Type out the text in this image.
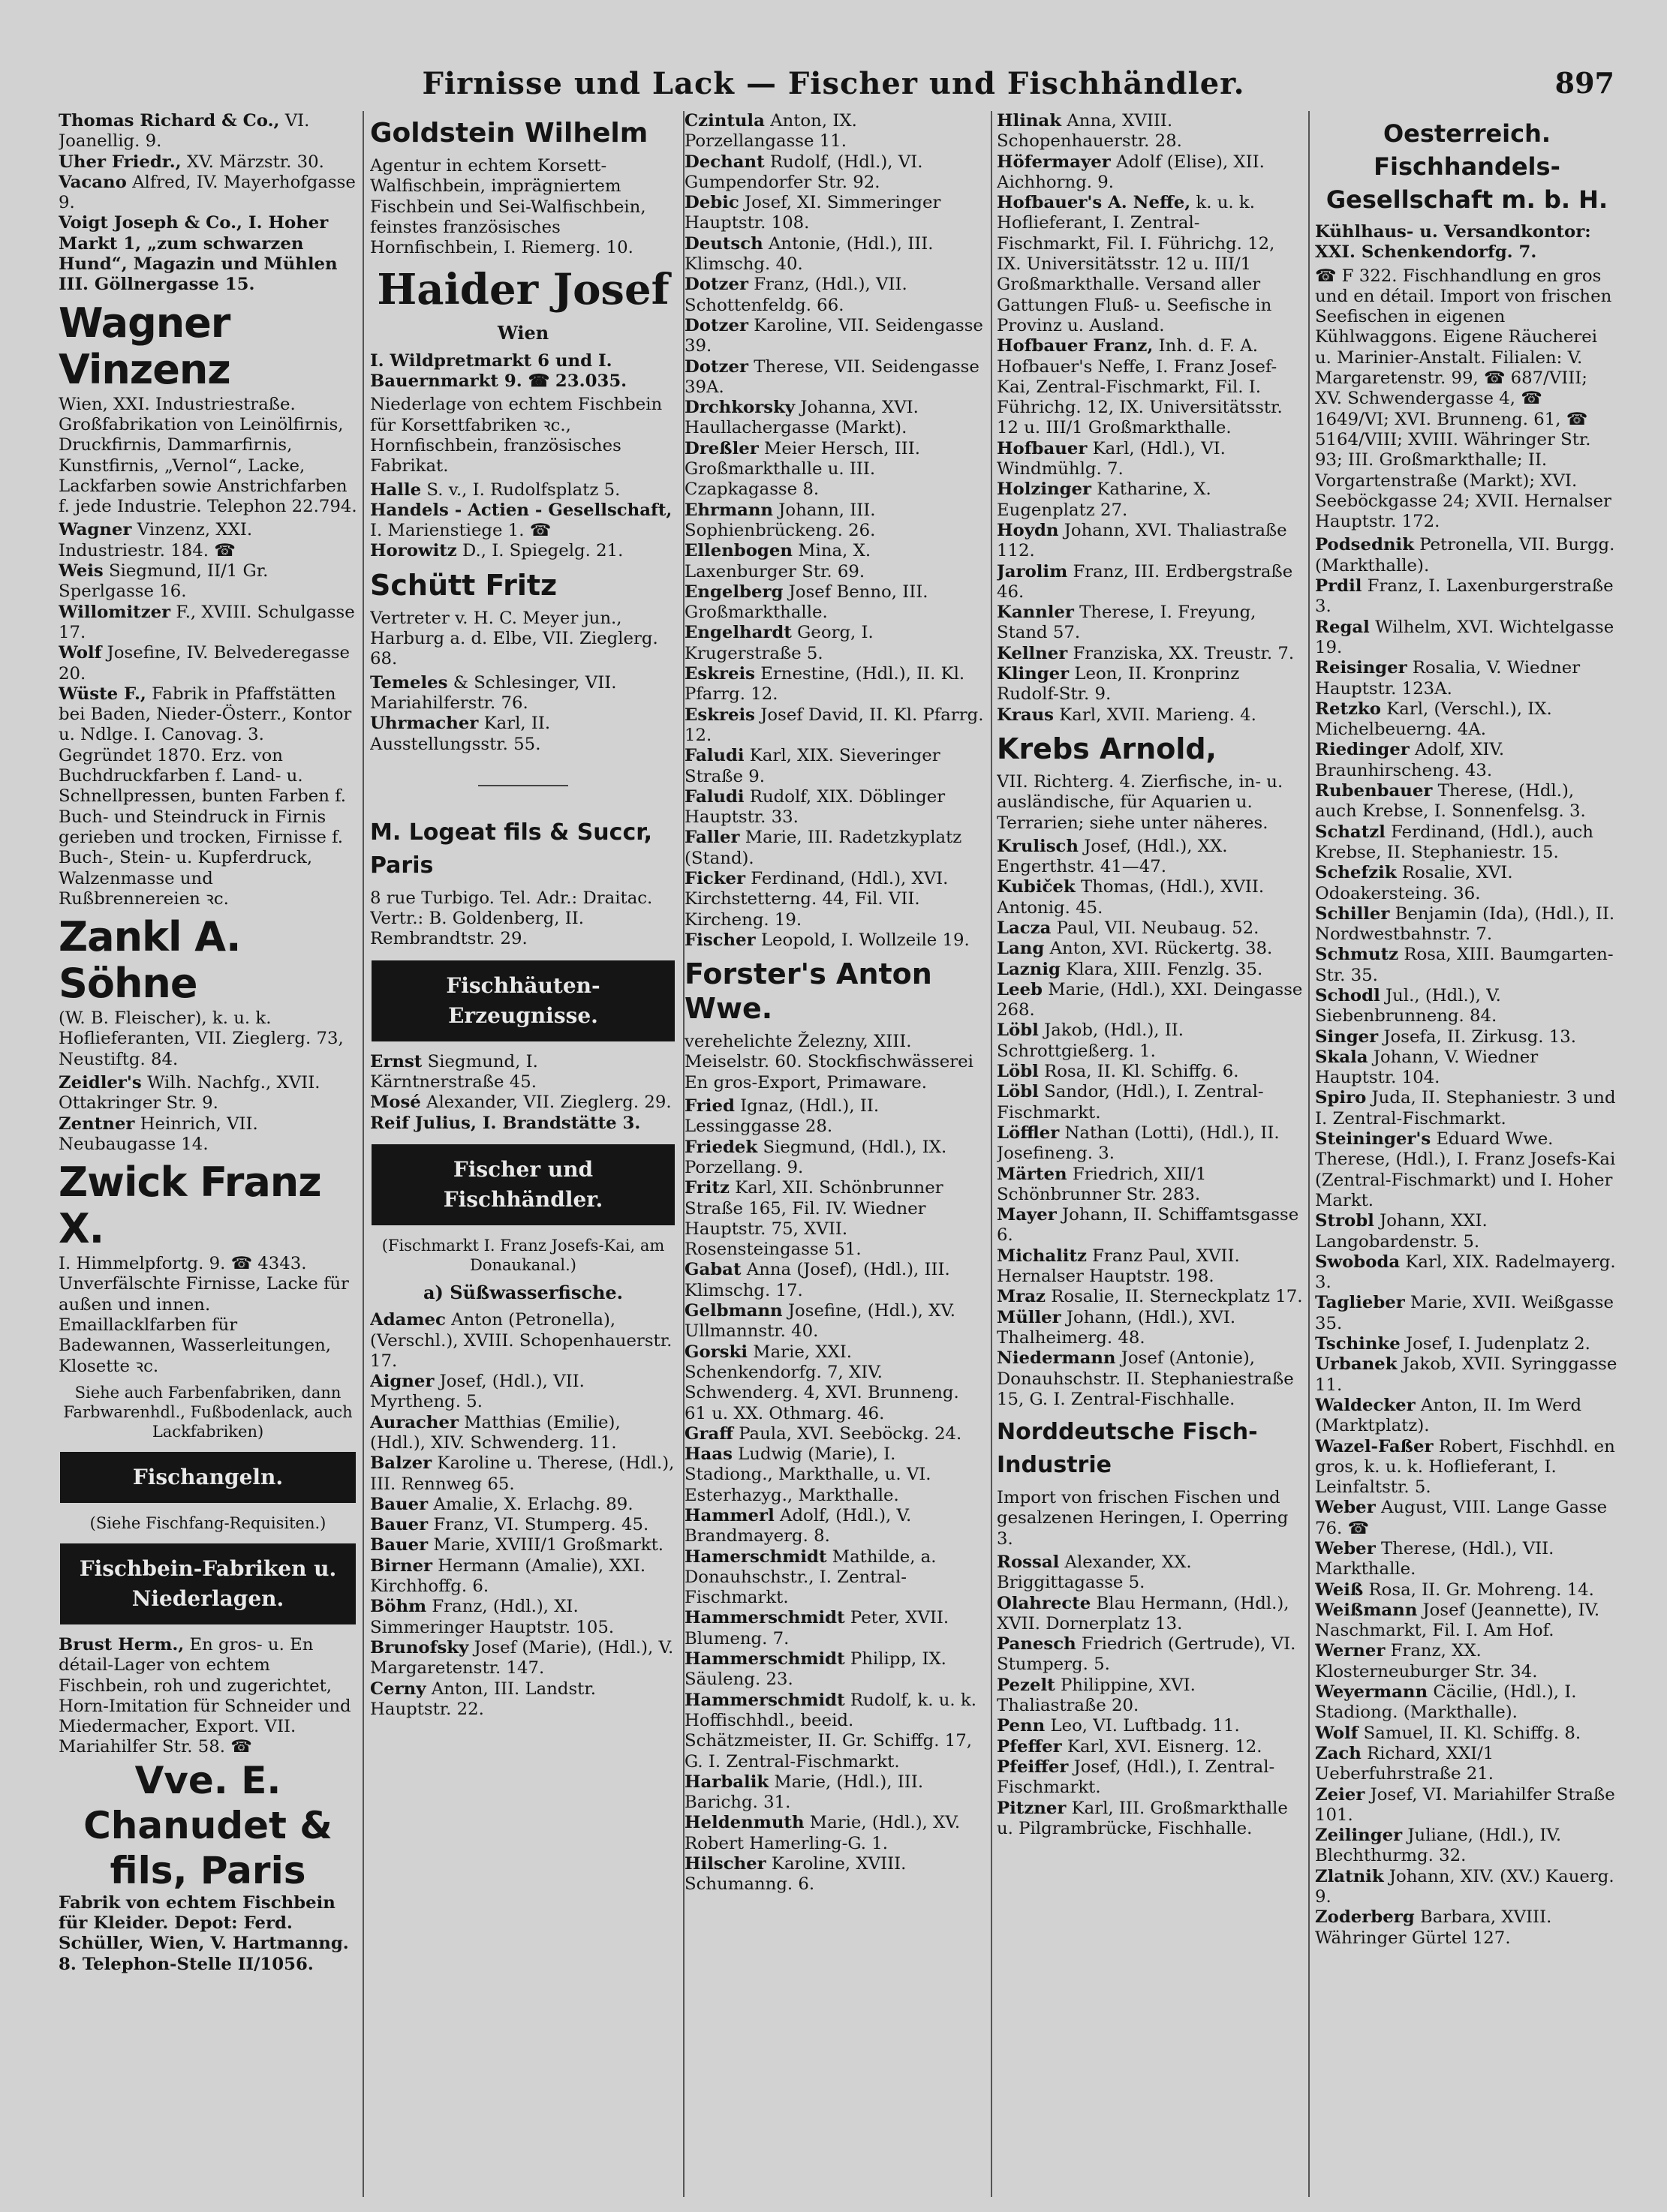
Firnisse und Lack — Fischer und Fischhändler.	897

Thomas Richard & Co., VI. Joanellig. 9.

Uher Friedr., XV. Märzstr. 30.

Vacano Alfred, IV. Mayerhofgasse 9.

Voigt Joseph & Co., I. Hoher Markt 1, „zum schwarzen Hund“, Magazin und Mühlen III. Göllnergasse 15.

Wagner Vinzenz
Wien, XXI. Industriestraße. Großfabrikation von Leinölfirnis, Druckfirnis, Dammarfirnis, Kunstfirnis, „Vernol“, Lacke, Lackfarben sowie Anstrichfarben f. jede Industrie. Telephon 22.794.

Wagner Vinzenz, XXI. Industriestr. 184. ☎

Weis Siegmund, II/1 Gr. Sperlgasse 16.

Willomitzer F., XVIII. Schulgasse 17.

Wolf Josefine, IV. Belvederegasse 20.

Wüste F., Fabrik in Pfaffstätten bei Baden, Nieder-Österr., Kontor u. Ndlge. I. Canovag. 3. Gegründet 1870. Erz. von Buchdruckfarben f. Land- u. Schnellpressen, bunten Farben f. Buch- und Steindruck in Firnis gerieben und trocken, Firnisse f. Buch-, Stein- u. Kupferdruck, Walzenmasse und Rußbrennereien ꝛc.

Zankl A. Söhne
(W. B. Fleischer), k. u. k. Hoflieferanten, VII. Zieglerg. 73, Neustiftg. 84.

Zeidler's Wilh. Nachfg., XVII. Ottakringer Str. 9.

Zentner Heinrich, VII. Neubaugasse 14.

Zwick Franz X.
I. Himmelpfortg. 9. ☎ 4343. Unverfälschte Firnisse, Lacke für außen und innen. Emaillacklfarben für Badewannen, Wasserleitungen, Klosette ꝛc.
Siehe auch Farbenfabriken, dann Farbwarenhdl., Fußbodenlack, auch Lackfabriken)
Fischangeln.
(Siehe Fischfang-Requisiten.)
Fischbein-Fabriken u. Niederlagen.

Brust Herm., En gros- u. En détail-Lager von echtem Fischbein, roh und zugerichtet, Horn-Imitation für Schneider und Miedermacher, Export. VII. Mariahilfer Str. 58. ☎

Vve. E. Chanudet & fils, Paris
Fabrik von echtem Fischbein für Kleider. Depot: Ferd. Schüller, Wien, V. Hartmanng. 8. Telephon-Stelle II/1056.
Goldstein Wilhelm
Agentur in echtem Korsett-Walfischbein, imprägniertem Fischbein und Sei-Walfischbein, feinstes französisches Hornfischbein, I. Riemerg. 10.
Haider Josef
Wien
I. Wildpretmarkt 6 und I. Bauernmarkt 9. ☎ 23.035.
Niederlage von echtem Fischbein für Korsettfabriken ꝛc., Hornfischbein, französisches Fabrikat.

Halle S. v., I. Rudolfsplatz 5.

Handels - Actien - Gesellschaft, I. Marienstiege 1. ☎

Horowitz D., I. Spiegelg. 21.

Schütt Fritz
Vertreter v. H. C. Meyer jun., Harburg a. d. Elbe, VII. Zieglerg. 68.

Temeles & Schlesinger, VII. Mariahilferstr. 76.

Uhrmacher Karl, II. Ausstellungsstr. 55.

M. Logeat fils & Succr, Paris
8 rue Turbigo. Tel. Adr.: Draitac. Vertr.: B. Goldenberg, II. Rembrandtstr. 29.
Fischhäuten-Erzeugnisse.

Ernst Siegmund, I. Kärntnerstraße 45.

Mosé Alexander, VII. Zieglerg. 29.

Reif Julius, I. Brandstätte 3.

Fischer und Fischhändler.
(Fischmarkt I. Franz Josefs-Kai, am Donaukanal.)
a) Süßwasserfische.

Adamec Anton (Petronella), (Verschl.), XVIII. Schopenhauerstr. 17.

Aigner Josef, (Hdl.), VII. Myrtheng. 5.

Auracher Matthias (Emilie), (Hdl.), XIV. Schwenderg. 11.

Balzer Karoline u. Therese, (Hdl.), III. Rennweg 65.

Bauer Amalie, X. Erlachg. 89.

Bauer Franz, VI. Stumperg. 45.

Bauer Marie, XVIII/1 Großmarkt.

Birner Hermann (Amalie), XXI. Kirchhoffg. 6.

Böhm Franz, (Hdl.), XI. Simmeringer Hauptstr. 105.

Brunofsky Josef (Marie), (Hdl.), V. Margaretenstr. 147.

Cerny Anton, III. Landstr. Hauptstr. 22.

Czintula Anton, IX. Porzellangasse 11.

Dechant Rudolf, (Hdl.), VI. Gumpendorfer Str. 92.

Debic Josef, XI. Simmeringer Hauptstr. 108.

Deutsch Antonie, (Hdl.), III. Klimschg. 40.

Dotzer Franz, (Hdl.), VII. Schottenfeldg. 66.

Dotzer Karoline, VII. Seidengasse 39.

Dotzer Therese, VII. Seidengasse 39A.

Drchkorsky Johanna, XVI. Haullachergasse (Markt).

Dreßler Meier Hersch, III. Großmarkthalle u. III. Czapkagasse 8.

Ehrmann Johann, III. Sophienbrückeng. 26.

Ellenbogen Mina, X. Laxenburger Str. 69.

Engelberg Josef Benno, III. Großmarkthalle.

Engelhardt Georg, I. Krugerstraße 5.

Eskreis Ernestine, (Hdl.), II. Kl. Pfarrg. 12.

Eskreis Josef David, II. Kl. Pfarrg. 12.

Faludi Karl, XIX. Sieveringer Straße 9.

Faludi Rudolf, XIX. Döblinger Hauptstr. 33.

Faller Marie, III. Radetzkyplatz (Stand).

Ficker Ferdinand, (Hdl.), XVI. Kirchstetterng. 44, Fil. VII. Kircheng. 19.

Fischer Leopold, I. Wollzeile 19.

Forster's Anton Wwe.
verehelichte Železny, XIII. Meiselstr. 60. Stockfischwässerei En gros-Export, Primaware.

Fried Ignaz, (Hdl.), II. Lessinggasse 28.

Friedek Siegmund, (Hdl.), IX. Porzellang. 9.

Fritz Karl, XII. Schönbrunner Straße 165, Fil. IV. Wiedner Hauptstr. 75, XVII. Rosensteingasse 51.

Gabat Anna (Josef), (Hdl.), III. Klimschg. 17.

Gelbmann Josefine, (Hdl.), XV. Ullmannstr. 40.

Gorski Marie, XXI. Schenkendorfg. 7, XIV. Schwenderg. 4, XVI. Brunneng. 61 u. XX. Othmarg. 46.

Graff Paula, XVI. Seeböckg. 24.

Haas Ludwig (Marie), I. Stadiong., Markthalle, u. VI. Esterhazyg., Markthalle.

Hammerl Adolf, (Hdl.), V. Brandmayerg. 8.

Hamerschmidt Mathilde, a. Donauhschstr., I. Zentral-Fischmarkt.

Hammerschmidt Peter, XVII. Blumeng. 7.

Hammerschmidt Philipp, IX. Säuleng. 23.

Hammerschmidt Rudolf, k. u. k. Hoffischhdl., beeid. Schätzmeister, II. Gr. Schiffg. 17, G. I. Zentral-Fischmarkt.

Harbalik Marie, (Hdl.), III. Barichg. 31.

Heldenmuth Marie, (Hdl.), XV. Robert Hamerling-G. 1.

Hilscher Karoline, XVIII. Schumanng. 6.

Hlinak Anna, XVIII. Schopenhauerstr. 28.

Höfermayer Adolf (Elise), XII. Aichhorng. 9.

Hofbauer's A. Neffe, k. u. k. Hoflieferant, I. Zentral-Fischmarkt, Fil. I. Führichg. 12, IX. Universitätsstr. 12 u. III/1 Großmarkthalle. Versand aller Gattungen Fluß- u. Seefische in Provinz u. Ausland.

Hofbauer Franz, Inh. d. F. A. Hofbauer's Neffe, I. Franz Josef-Kai, Zentral-Fischmarkt, Fil. I. Führichg. 12, IX. Universitätsstr. 12 u. III/1 Großmarkthalle.

Hofbauer Karl, (Hdl.), VI. Windmühlg. 7.

Holzinger Katharine, X. Eugenplatz 27.

Hoydn Johann, XVI. Thaliastraße 112.

Jarolim Franz, III. Erdbergstraße 46.

Kannler Therese, I. Freyung, Stand 57.

Kellner Franziska, XX. Treustr. 7.

Klinger Leon, II. Kronprinz Rudolf-Str. 9.

Kraus Karl, XVII. Marieng. 4.

Krebs Arnold,
VII. Richterg. 4. Zierfische, in- u. ausländische, für Aquarien u. Terrarien; siehe unter näheres.

Krulisch Josef, (Hdl.), XX. Engerthstr. 41—47.

Kubiček Thomas, (Hdl.), XVII. Antonig. 45.

Lacza Paul, VII. Neubaug. 52.

Lang Anton, XVI. Rückertg. 38.

Laznig Klara, XIII. Fenzlg. 35.

Leeb Marie, (Hdl.), XXI. Deingasse 268.

Löbl Jakob, (Hdl.), II. Schrottgießerg. 1.

Löbl Rosa, II. Kl. Schiffg. 6.

Löbl Sandor, (Hdl.), I. Zentral-Fischmarkt.

Löffler Nathan (Lotti), (Hdl.), II. Josefineng. 3.

Märten Friedrich, XII/1 Schönbrunner Str. 283.

Mayer Johann, II. Schiffamtsgasse 6.

Michalitz Franz Paul, XVII. Hernalser Hauptstr. 198.

Mraz Rosalie, II. Sterneckplatz 17.

Müller Johann, (Hdl.), XVI. Thalheimerg. 48.

Niedermann Josef (Antonie), Donauhschstr. II. Stephaniestraße 15, G. I. Zentral-Fischhalle.

Norddeutsche Fisch-Industrie
Import von frischen Fischen und gesalzenen Heringen, I. Operring 3.

Rossal Alexander, XX. Briggittagasse 5.

Olahrecte Blau Hermann, (Hdl.), XVII. Dornerplatz 13.

Panesch Friedrich (Gertrude), VI. Stumperg. 5.

Pezelt Philippine, XVI. Thaliastraße 20.

Penn Leo, VI. Luftbadg. 11.

Pfeffer Karl, XVI. Eisnerg. 12.

Pfeiffer Josef, (Hdl.), I. Zentral-Fischmarkt.

Pitzner Karl, III. Großmarkthalle u. Pilgrambrücke, Fischhalle.

Oesterreich. Fischhandels-Gesellschaft m. b. H.
Kühlhaus- u. Versandkontor: XXI. Schenkendorfg. 7.
☎ F 322. Fischhandlung en gros und en détail. Import von frischen Seefischen in eigenen Kühlwaggons. Eigene Räucherei u. Marinier-Anstalt. Filialen: V. Margaretenstr. 99, ☎ 687/VIII; XV. Schwendergasse 4, ☎ 1649/VI; XVI. Brunneng. 61, ☎ 5164/VIII; XVIII. Währinger Str. 93; III. Großmarkthalle; II. Vorgartenstraße (Markt); XVI. Seeböckgasse 24; XVII. Hernalser Hauptstr. 172.

Podsednik Petronella, VII. Burgg. (Markthalle).

Prdil Franz, I. Laxenburgerstraße 3.

Regal Wilhelm, XVI. Wichtelgasse 19.

Reisinger Rosalia, V. Wiedner Hauptstr. 123A.

Retzko Karl, (Verschl.), IX. Michelbeuerng. 4A.

Riedinger Adolf, XIV. Braunhirscheng. 43.

Rubenbauer Therese, (Hdl.), auch Krebse, I. Sonnenfelsg. 3.

Schatzl Ferdinand, (Hdl.), auch Krebse, II. Stephaniestr. 15.

Schefzik Rosalie, XVI. Odoakersteing. 36.

Schiller Benjamin (Ida), (Hdl.), II. Nordwestbahnstr. 7.

Schmutz Rosa, XIII. Baumgarten-Str. 35.

Schodl Jul., (Hdl.), V. Siebenbrunneng. 84.

Singer Josefa, II. Zirkusg. 13.

Skala Johann, V. Wiedner Hauptstr. 104.

Spiro Juda, II. Stephaniestr. 3 und I. Zentral-Fischmarkt.

Steininger's Eduard Wwe. Therese, (Hdl.), I. Franz Josefs-Kai (Zentral-Fischmarkt) und I. Hoher Markt.

Strobl Johann, XXI. Langobardenstr. 5.

Swoboda Karl, XIX. Radelmayerg. 3.

Taglieber Marie, XVII. Weißgasse 35.

Tschinke Josef, I. Judenplatz 2.

Urbanek Jakob, XVII. Syringgasse 11.

Waldecker Anton, II. Im Werd (Marktplatz).

Wazel-Faßer Robert, Fischhdl. en gros, k. u. k. Hoflieferant, I. Leinfaltstr. 5.

Weber August, VIII. Lange Gasse 76. ☎

Weber Therese, (Hdl.), VII. Markthalle.

Weiß Rosa, II. Gr. Mohreng. 14.

Weißmann Josef (Jeannette), IV. Naschmarkt, Fil. I. Am Hof.

Werner Franz, XX. Klosterneuburger Str. 34.

Weyermann Cäcilie, (Hdl.), I. Stadiong. (Markthalle).

Wolf Samuel, II. Kl. Schiffg. 8.

Zach Richard, XXI/1 Ueberfuhrstraße 21.

Zeier Josef, VI. Mariahilfer Straße 101.

Zeilinger Juliane, (Hdl.), IV. Blechthurmg. 32.

Zlatnik Johann, XIV. (XV.) Kauerg. 9.

Zoderberg Barbara, XVIII. Währinger Gürtel 127.
